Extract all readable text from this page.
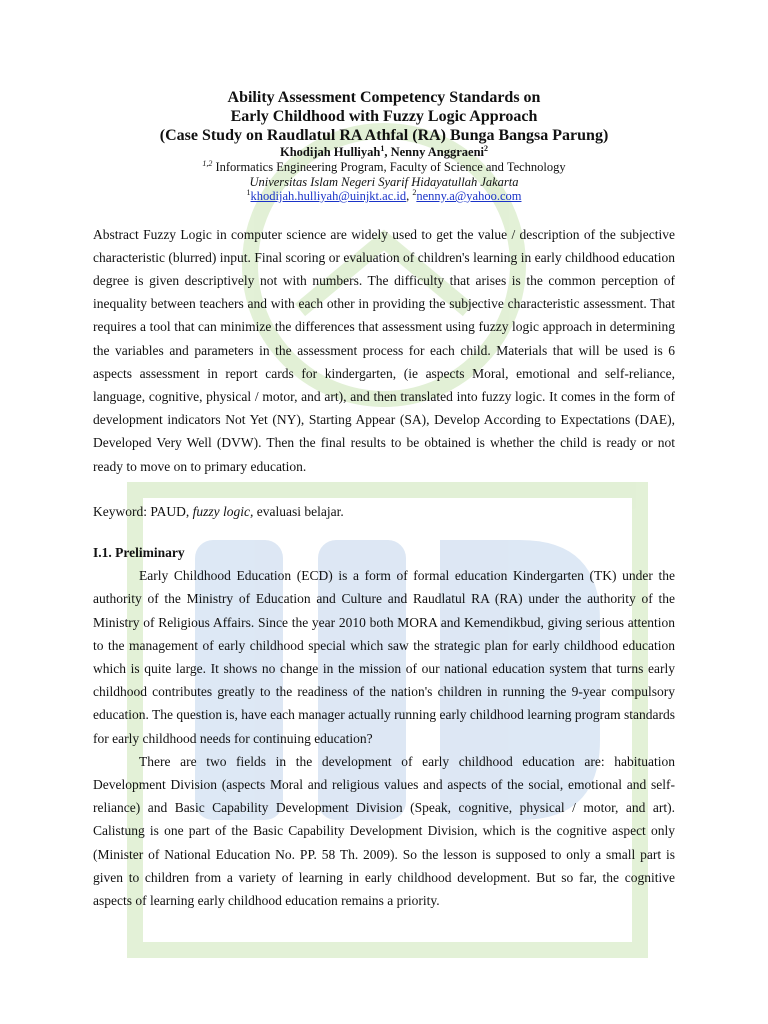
Ability Assessment Competency Standards on
Early Childhood with Fuzzy Logic Approach
(Case Study on Raudlatul RA Athfal (RA) Bunga Bangsa Parung)
Khodijah Hulliyah$^1$, Nenny Anggraeni$^2$
$^{1,2}$ Informatics Engineering Program, Faculty of Science and Technology
Universitas Islam Negeri Syarif Hidayatullah Jakarta
$^1$khodijah.hulliyah@uinjkt.ac.id, $^2$nenny.a@yahoo.com

Abstract Fuzzy Logic in computer science are widely used to get the value / description of the subjective characteristic (blurred) input. Final scoring or evaluation of children's learning in early childhood education degree is given descriptively not with numbers. The difficulty that arises is the common perception of inequality between teachers and with each other in providing the subjective characteristic assessment. That requires a tool that can minimize the differences that assessment using fuzzy logic approach in determining the variables and parameters in the assessment process for each child. Materials that will be used is 6 aspects assessment in report cards for kindergarten, (ie aspects Moral, emotional and self-reliance, language, cognitive, physical / motor, and art), and then translated into fuzzy logic. It comes in the form of development indicators Not Yet (NY), Starting Appear (SA), Develop According to Expectations (DAE), Developed Very Well (DVW). Then the final results to be obtained is whether the child is ready or not ready to move on to primary education.

Keyword: PAUD, fuzzy logic, evaluasi belajar.
I.1. Preliminary

Early Childhood Education (ECD) is a form of formal education Kindergarten (TK) under the authority of the Ministry of Education and Culture and Raudlatul RA (RA) under the authority of the Ministry of Religious Affairs. Since the year 2010 both MORA and Kemendikbud, giving serious attention to the management of early childhood special which saw the strategic plan for early childhood education which is quite large. It shows no change in the mission of our national education system that turns early childhood contributes greatly to the readiness of the nation's children in running the 9-year compulsory education. The question is, have each manager actually running early childhood learning program standards for early childhood needs for continuing education?

There are two fields in the development of early childhood education are: habituation Development Division (aspects Moral and religious values and aspects of the social, emotional and self-reliance) and Basic Capability Development Division (Speak, cognitive, physical / motor, and art). Calistung is one part of the Basic Capability Development Division, which is the cognitive aspect only (Minister of National Education No. PP. 58 Th. 2009). So the lesson is supposed to only a small part is given to children from a variety of learning in early childhood development. But so far, the cognitive aspects of learning early childhood education remains a priority.
